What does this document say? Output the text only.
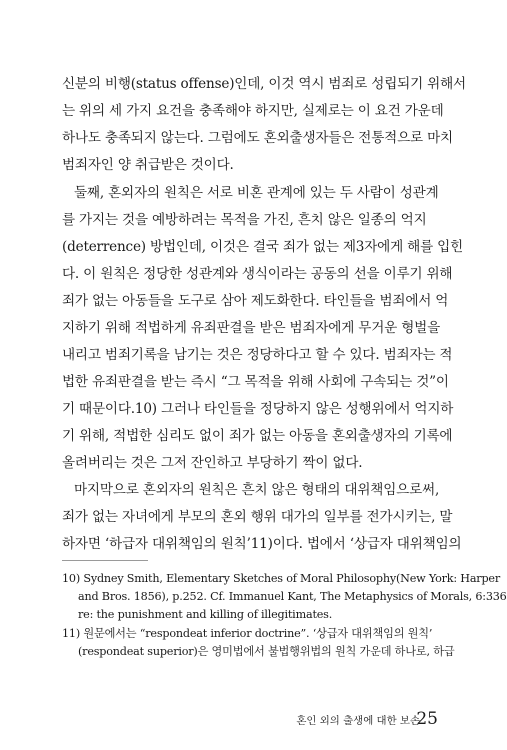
신분의 비행(status offense)인데, 이것 역시 범죄로 성립되기 위해서
는 위의 세 가지 요건을 충족해야 하지만, 실제로는 이 요건 가운데
하나도 충족되지 않는다. 그럼에도 혼외출생자들은 전통적으로 마치
범죄자인 양 취급받은 것이다.
둘째, 혼외자의 원칙은 서로 비혼 관계에 있는 두 사람이 성관계
를 가지는 것을 예방하려는 목적을 가진, 흔치 않은 일종의 억지
(deterrence) 방법인데, 이것은 결국 죄가 없는 제3자에게 해를 입힌
다. 이 원칙은 정당한 성관계와 생식이라는 공동의 선을 이루기 위해
죄가 없는 아동들을 도구로 삼아 제도화한다. 타인들을 범죄에서 억
지하기 위해 적법하게 유죄판결을 받은 범죄자에게 무거운 형벌을
내리고 범죄기록을 남기는 것은 정당하다고 할 수 있다. 범죄자는 적
법한 유죄판결을 받는 즉시 “그 목적을 위해 사회에 구속되는 것”이
기 때문이다.10) 그러나 타인들을 정당하지 않은 성행위에서 억지하
기 위해, 적법한 심리도 없이 죄가 없는 아동을 혼외출생자의 기록에
올려버리는 것은 그저 잔인하고 부당하기 짝이 없다.
마지막으로 혼외자의 원칙은 흔치 않은 형태의 대위책임으로써,
죄가 없는 자녀에게 부모의 혼외 행위 대가의 일부를 전가시키는, 말
하자면 ‘하급자 대위책임의 원칙’11)이다. 법에서 ‘상급자 대위책임의
10) Sydney Smith, Elementary Sketches of Moral Philosophy(New York: Harper
and Bros. 1856), p.252. Cf. Immanuel Kant, The Metaphysics of Morals, 6:336
re: the punishment and killing of illegitimates.
11) 원문에서는 “respondeat inferior doctrine”. ‘상급자 대위책임의 원칙’
(respondeat superior)은 영미법에서 불법행위법의 원칙 가운데 하나로, 하급
혼인 외의 출생에 대한 보손
25
